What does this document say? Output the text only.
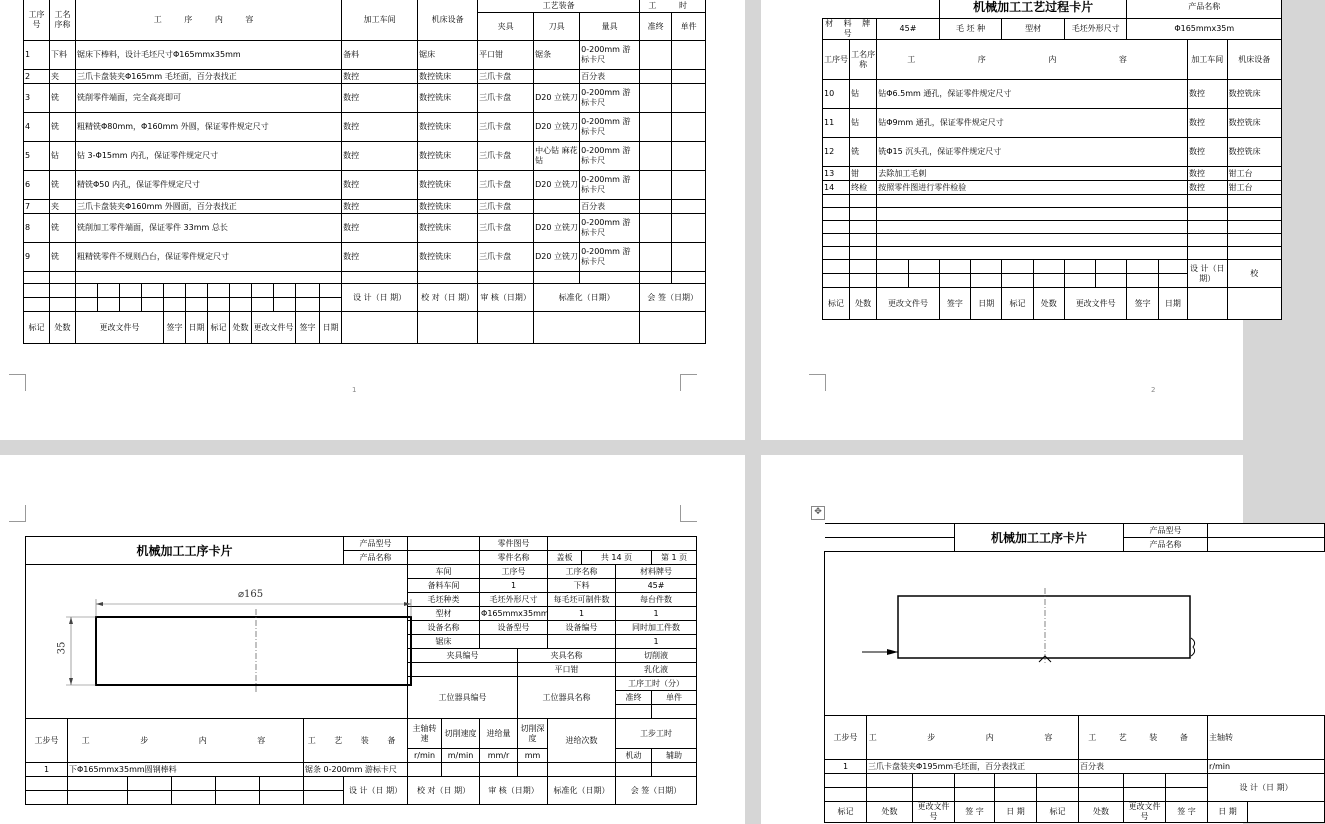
工序号	工名序称	工 序 内 容												加工车间	机床设备	工艺装备			工 时	
																夹具	刀具	量具	准终	单件

1	下料	锯床下棒料，设计毛坯尺寸Φ165mmx35mm												备料	锯床	平口钳	锯条	0-200mm 游标卡尺		
2	夹	三爪卡盘装夹Φ165mm 毛坯面，百分表找正												数控	数控铣床	三爪卡盘		百分表		
3	铣	铣削零件端面，完全高亮即可												数控	数控铣床	三爪卡盘	D20 立铣刀	0-200mm 游标卡尺		
4	铣	粗精铣Φ80mm，Φ160mm 外圆，保证零件规定尺寸												数控	数控铣床	三爪卡盘	D20 立铣刀	0-200mm 游标卡尺		
5	钻	钻 3-Φ15mm 内孔，保证零件规定尺寸												数控	数控铣床	三爪卡盘	中心钻 麻花钻	0-200mm 游标卡尺		
6	铣	精铣Φ50 内孔，保证零件规定尺寸												数控	数控铣床	三爪卡盘	D20 立铣刀	0-200mm 游标卡尺		
7	夹	三爪卡盘装夹Φ160mm 外圆面，百分表找正												数控	数控铣床	三爪卡盘		百分表		
8	铣	铣削加工零件端面，保证零件 33mm 总长												数控	数控铣床	三爪卡盘	D20 立铣刀	0-200mm 游标卡尺		
9	铣	粗精铣零件不规则凸台，保证零件规定尺寸												数控	数控铣床	三爪卡盘	D20 立铣刀	0-200mm 游标卡尺		

														设 计（日 期）	校 对（日 期）	审 核（日期）	标准化（日期）		会 签（日期）	

标记	处数	更改文件号				签字	日期	标记	处数	更改文件号		签字	日期							
1
				机械加工工艺过程卡片						产品名称			
材 料 牌 号		45#		毛 坯 种		型材		毛坯外形尺寸		Φ165mmx35m			
工序号	工名序称	工 序 内 容										加工车间	机床设备
10	钻	钻Φ6.5mm 通孔，保证零件规定尺寸										数控	数控铣床
11	钻	钻Φ9mm 通孔，保证零件规定尺寸										数控	数控铣床
12	铣	铣Φ15 沉头孔，保证零件规定尺寸										数控	数控铣床
13	钳	去除加工毛刺										数控	钳工台
14	终检	按照零件图进行零件检验										数控	钳工台

												设 计（日 期）	校

标记	处数	更改文件号		签字	日期	标记	处数	更改文件号		签字	日期		
2
机械加工工序卡片							产品型号			零件图号					
							产品名称			零件名称		盖板	共 14 页		第 1 页

⌀165
35								车间		工序号		工序名称		材料牌号	
								备料车间		1		下料		45#	
								毛坯种类		毛坯外形尺寸		每毛坯可制件数		每台件数	
								型材		Φ165mmx35mm		1		1	
								设备名称		设备型号		设备编号		同时加工件数	
								锯床						1	
								夹具编号			夹具名称			切削液	
											平口钳			乳化液	
								工位器具编号			工位器具名称			工序工时（分）	
														准终	单件

工步号	工 步 内 容					工 艺 装 备		主轴转速	切削速度	进给量	切削深度	进给次数		工步工时	
								r/min	m/min	mm/r	mm			机动	辅助
1	下Φ165mmx35mm圆钢棒料					锯条 0-200mm 游标卡尺									
							设 计（日 期）	校 对（日 期）		审 核（日期）		标准化（日期）		会 签（日期）	

✥
			机械加工工序卡片				产品型号			
							产品名称			

工步号	工 步 内 容					工 艺 装 备			主轴转	
1	三爪卡盘装夹Φ195mm毛坯面，百分表找正					百分表			r/min	
									设 计（日 期）	

标记	处数	更改文件号	签 字	日 期	标记	处数	更改文件号	签 字	日 期	
